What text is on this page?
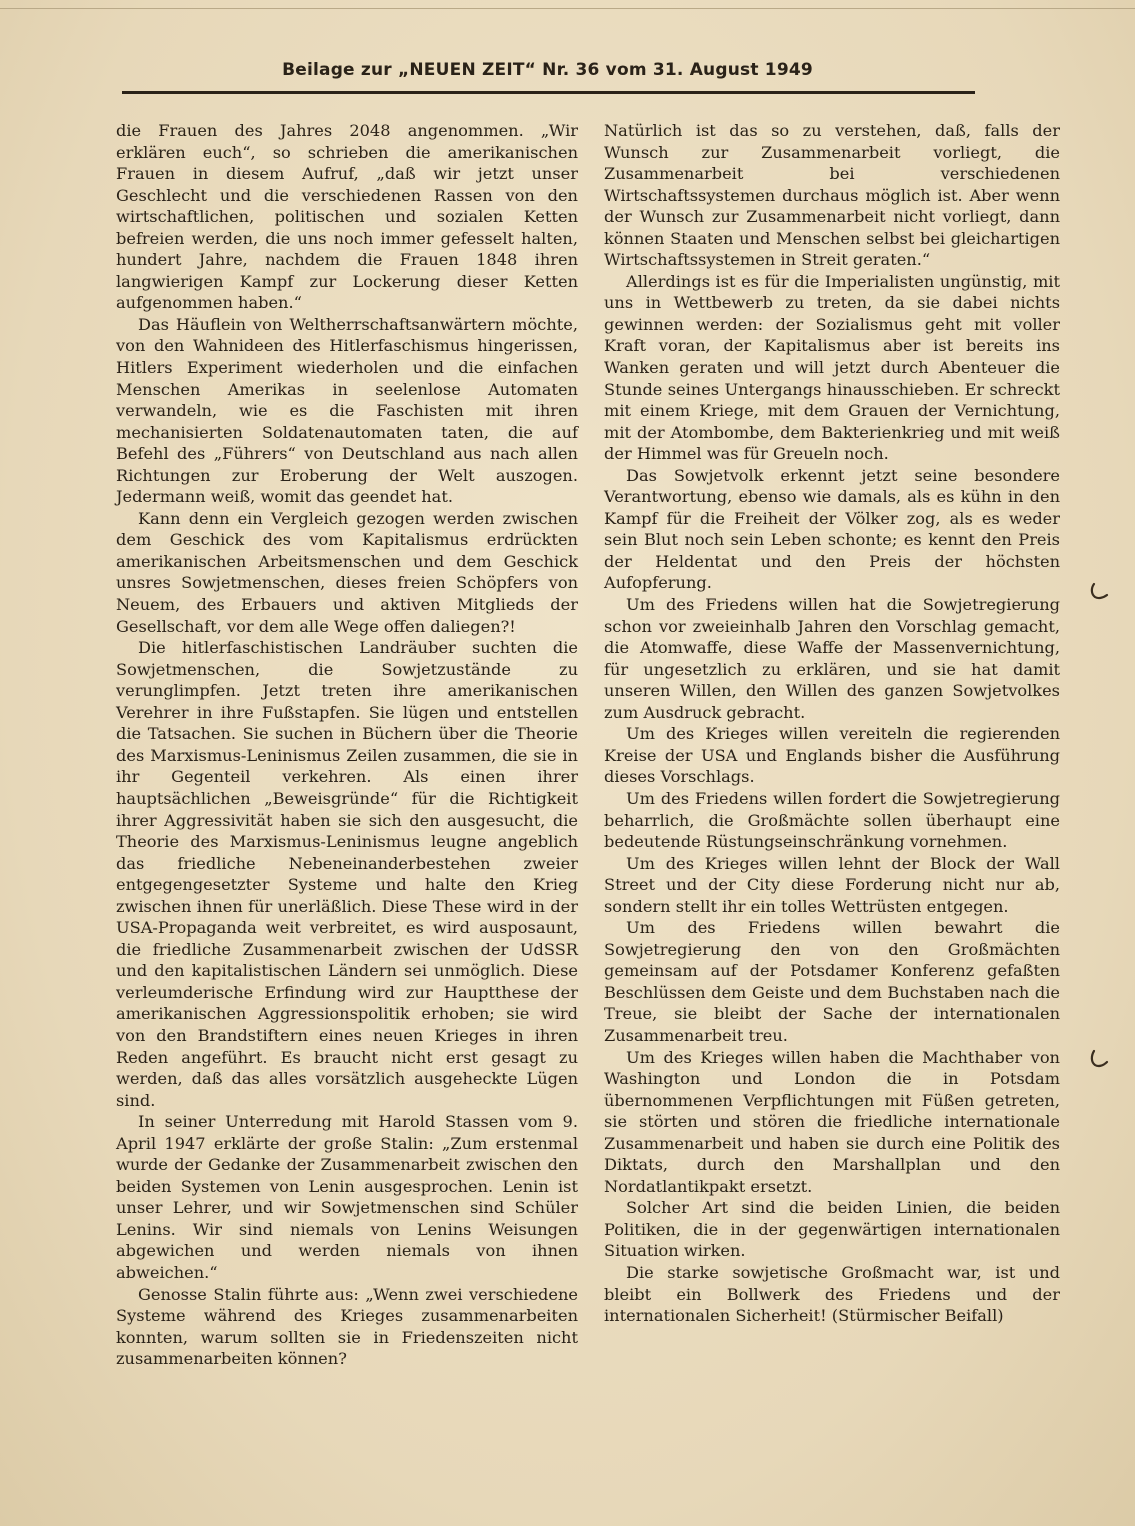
Beilage zur „NEUEN ZEIT“ Nr. 36 vom 31. August 1949

die Frauen des Jahres 2048 angenommen. „Wir erklären euch“, so schrieben die amerikanischen Frauen in diesem Aufruf, „daß wir jetzt unser Geschlecht und die verschiedenen Rassen von den wirtschaftlichen, politischen und sozialen Ketten befreien werden, die uns noch immer gefesselt halten, hundert Jahre, nachdem die Frauen 1848 ihren langwierigen Kampf zur Lockerung dieser Ketten aufgenommen haben.“

Das Häuflein von Weltherrschaftsanwärtern möchte, von den Wahnideen des Hitlerfaschismus hingerissen, Hitlers Experiment wiederholen und die einfachen Menschen Amerikas in seelenlose Automaten verwandeln, wie es die Faschisten mit ihren mechanisierten Soldatenautomaten taten, die auf Befehl des „Führers“ von Deutschland aus nach allen Richtungen zur Eroberung der Welt auszogen. Jedermann weiß, womit das geendet hat.

Kann denn ein Vergleich gezogen werden zwischen dem Geschick des vom Kapitalismus erdrückten amerikanischen Arbeitsmenschen und dem Geschick unsres Sowjetmenschen, dieses freien Schöpfers von Neuem, des Erbauers und aktiven Mitglieds der Gesellschaft, vor dem alle Wege offen daliegen?!

Die hitlerfaschistischen Landräuber suchten die Sowjetmenschen, die Sowjetzustände zu verunglimpfen. Jetzt treten ihre amerikanischen Verehrer in ihre Fußstapfen. Sie lügen und entstellen die Tatsachen. Sie suchen in Büchern über die Theorie des Marxismus-Leninismus Zeilen zusammen, die sie in ihr Gegenteil verkehren. Als einen ihrer hauptsächlichen „Beweisgründe“ für die Richtigkeit ihrer Aggressivität haben sie sich den ausgesucht, die Theorie des Marxismus-Leninismus leugne angeblich das friedliche Nebeneinanderbestehen zweier entgegengesetzter Systeme und halte den Krieg zwischen ihnen für unerläßlich. Diese These wird in der USA-Propaganda weit verbreitet, es wird ausposaunt, die friedliche Zusammenarbeit zwischen der UdSSR und den kapitalistischen Ländern sei unmöglich. Diese verleumderische Erfindung wird zur Hauptthese der amerikanischen Aggressionspolitik erhoben; sie wird von den Brandstiftern eines neuen Krieges in ihren Reden angeführt. Es braucht nicht erst gesagt zu werden, daß das alles vorsätzlich ausgeheckte Lügen sind.

In seiner Unterredung mit Harold Stassen vom 9. April 1947 erklärte der große Stalin: „Zum erstenmal wurde der Gedanke der Zusammenarbeit zwischen den beiden Systemen von Lenin ausgesprochen. Lenin ist unser Lehrer, und wir Sowjetmenschen sind Schüler Lenins. Wir sind niemals von Lenins Weisungen abgewichen und werden niemals von ihnen abweichen.“

Genosse Stalin führte aus: „Wenn zwei verschiedene Systeme während des Krieges zusammenarbeiten konnten, warum sollten sie in Friedenszeiten nicht zusammenarbeiten können?

Natürlich ist das so zu verstehen, daß, falls der Wunsch zur Zusammenarbeit vorliegt, die Zusammenarbeit bei verschiedenen Wirtschaftssystemen durchaus möglich ist. Aber wenn der Wunsch zur Zusammenarbeit nicht vorliegt, dann können Staaten und Menschen selbst bei gleichartigen Wirtschaftssystemen in Streit geraten.“

Allerdings ist es für die Imperialisten ungünstig, mit uns in Wettbewerb zu treten, da sie dabei nichts gewinnen werden: der Sozialismus geht mit voller Kraft voran, der Kapitalismus aber ist bereits ins Wanken geraten und will jetzt durch Abenteuer die Stunde seines Untergangs hinausschieben. Er schreckt mit einem Kriege, mit dem Grauen der Vernichtung, mit der Atombombe, dem Bakterienkrieg und mit weiß der Himmel was für Greueln noch.

Das Sowjetvolk erkennt jetzt seine besondere Verantwortung, ebenso wie damals, als es kühn in den Kampf für die Freiheit der Völker zog, als es weder sein Blut noch sein Leben schonte; es kennt den Preis der Heldentat und den Preis der höchsten Aufopferung.

Um des Friedens willen hat die Sowjetregierung schon vor zweieinhalb Jahren den Vorschlag gemacht, die Atomwaffe, diese Waffe der Massenvernichtung, für ungesetzlich zu erklären, und sie hat damit unseren Willen, den Willen des ganzen Sowjetvolkes zum Ausdruck gebracht.

Um des Krieges willen vereiteln die regierenden Kreise der USA und Englands bisher die Ausführung dieses Vorschlags.

Um des Friedens willen fordert die Sowjetregierung beharrlich, die Großmächte sollen überhaupt eine bedeutende Rüstungseinschränkung vornehmen.

Um des Krieges willen lehnt der Block der Wall Street und der City diese Forderung nicht nur ab, sondern stellt ihr ein tolles Wettrüsten entgegen.

Um des Friedens willen bewahrt die Sowjetregierung den von den Großmächten gemeinsam auf der Potsdamer Konferenz gefaßten Beschlüssen dem Geiste und dem Buchstaben nach die Treue, sie bleibt der Sache der internationalen Zusammenarbeit treu.

Um des Krieges willen haben die Machthaber von Washington und London die in Potsdam übernommenen Verpflichtungen mit Füßen getreten, sie störten und stören die friedliche internationale Zusammenarbeit und haben sie durch eine Politik des Diktats, durch den Marshallplan und den Nordatlantikpakt ersetzt.

Solcher Art sind die beiden Linien, die beiden Politiken, die in der gegenwärtigen internationalen Situation wirken.

Die starke sowjetische Großmacht war, ist und bleibt ein Bollwerk des Friedens und der internationalen Sicherheit! (Stürmischer Beifall)
